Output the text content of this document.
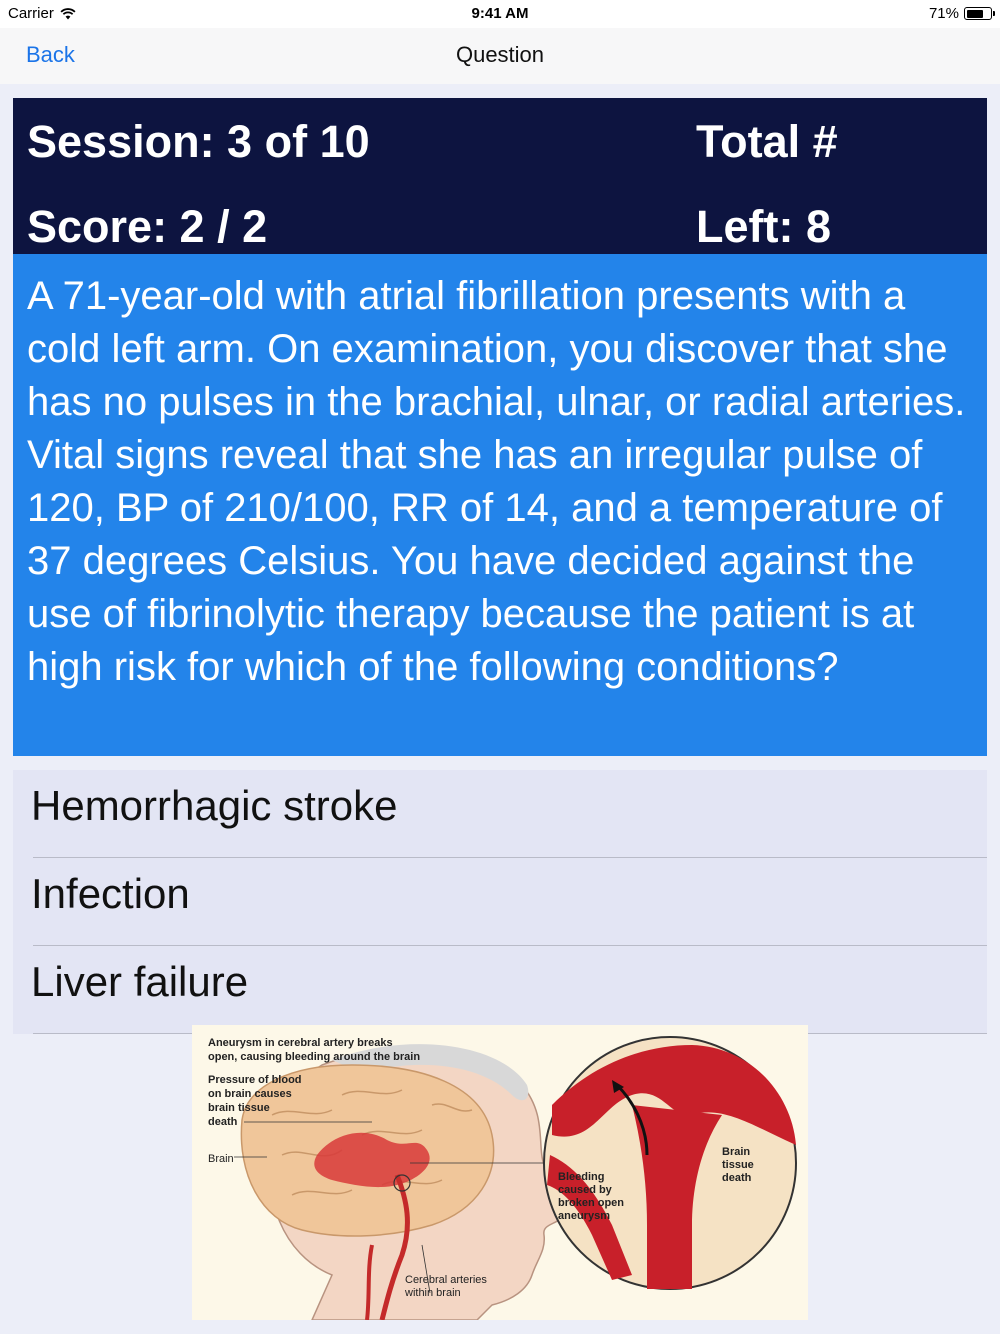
Carrier	9:41 AM	71%
Back	Question
Session: 3 of 10	Total #
Score: 2 / 2	Left: 8
A 71-year-old with atrial fibrillation presents with a cold left arm. On examination, you discover that she has no pulses in the brachial, ulnar, or radial arteries. Vital signs reveal that she has an irregular pulse of 120, BP of 210/100, RR of 14, and a temperature of 37 degrees Celsius. You have decided against the use of fibrinolytic therapy because the patient is at high risk for which of the following conditions?
Hemorrhagic stroke
Infection
Liver failure
Aneurysm in cerebral artery breaks
open, causing bleeding around the brain
Pressure of blood
on brain causes
brain tissue
death
Brain
Bleeding
caused by
broken open
aneurysm
Brain
tissue
death
Cerebral arteries
within brain
